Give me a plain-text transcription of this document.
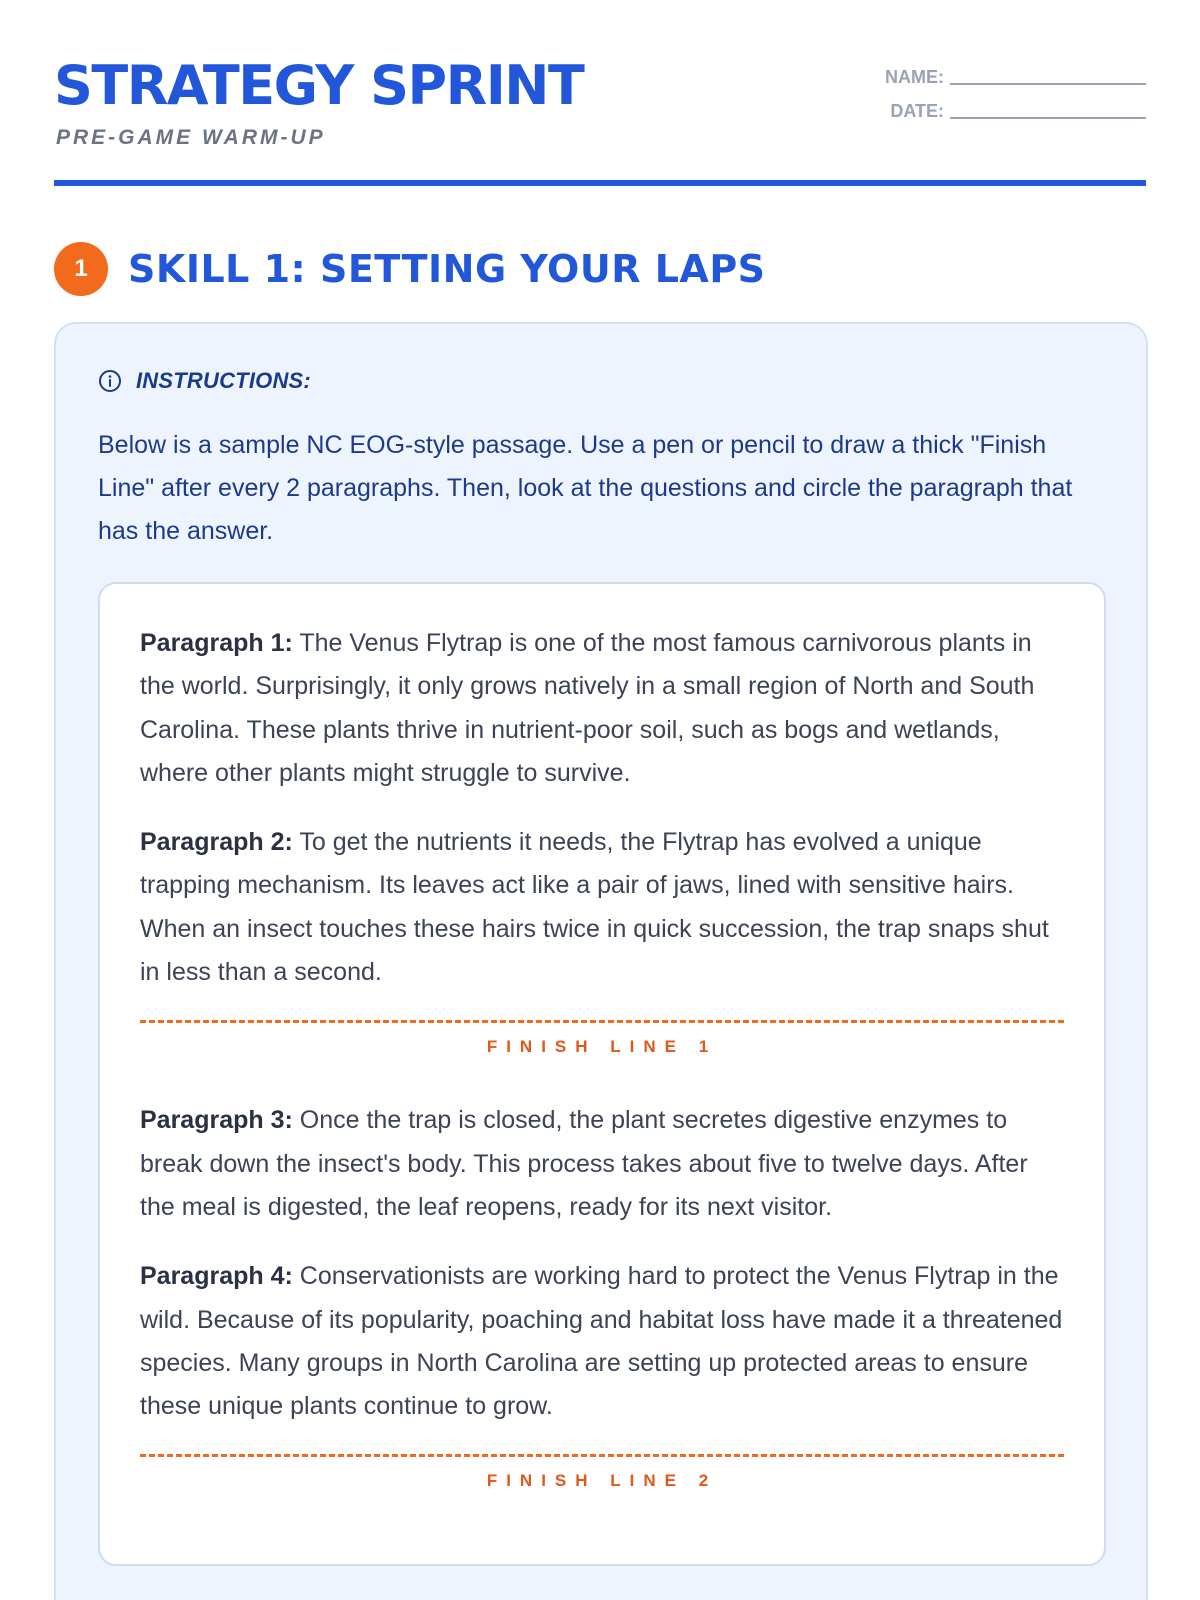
STRATEGY SPRINT
PRE-GAME WARM-UP
NAME:
DATE:
1	SKILL 1: SETTING YOUR LAPS
INSTRUCTIONS:

Below is a sample NC EOG-style passage. Use a pen or pencil to draw a thick "Finish Line" after every 2 paragraphs. Then, look at the questions and circle the paragraph that has the answer.

Paragraph 1: The Venus Flytrap is one of the most famous carnivorous plants in the world. Surprisingly, it only grows natively in a small region of North and South Carolina. These plants thrive in nutrient-poor soil, such as bogs and wetlands, where other plants might struggle to survive.

Paragraph 2: To get the nutrients it needs, the Flytrap has evolved a unique trapping mechanism. Its leaves act like a pair of jaws, lined with sensitive hairs. When an insect touches these hairs twice in quick succession, the trap snaps shut in less than a second.

FINISH LINE 1

Paragraph 3: Once the trap is closed, the plant secretes digestive enzymes to break down the insect's body. This process takes about five to twelve days. After the meal is digested, the leaf reopens, ready for its next visitor.

Paragraph 4: Conservationists are working hard to protect the Venus Flytrap in the wild. Because of its popularity, poaching and habitat loss have made it a threatened species. Many groups in North Carolina are setting up protected areas to ensure these unique plants continue to grow.

FINISH LINE 2
